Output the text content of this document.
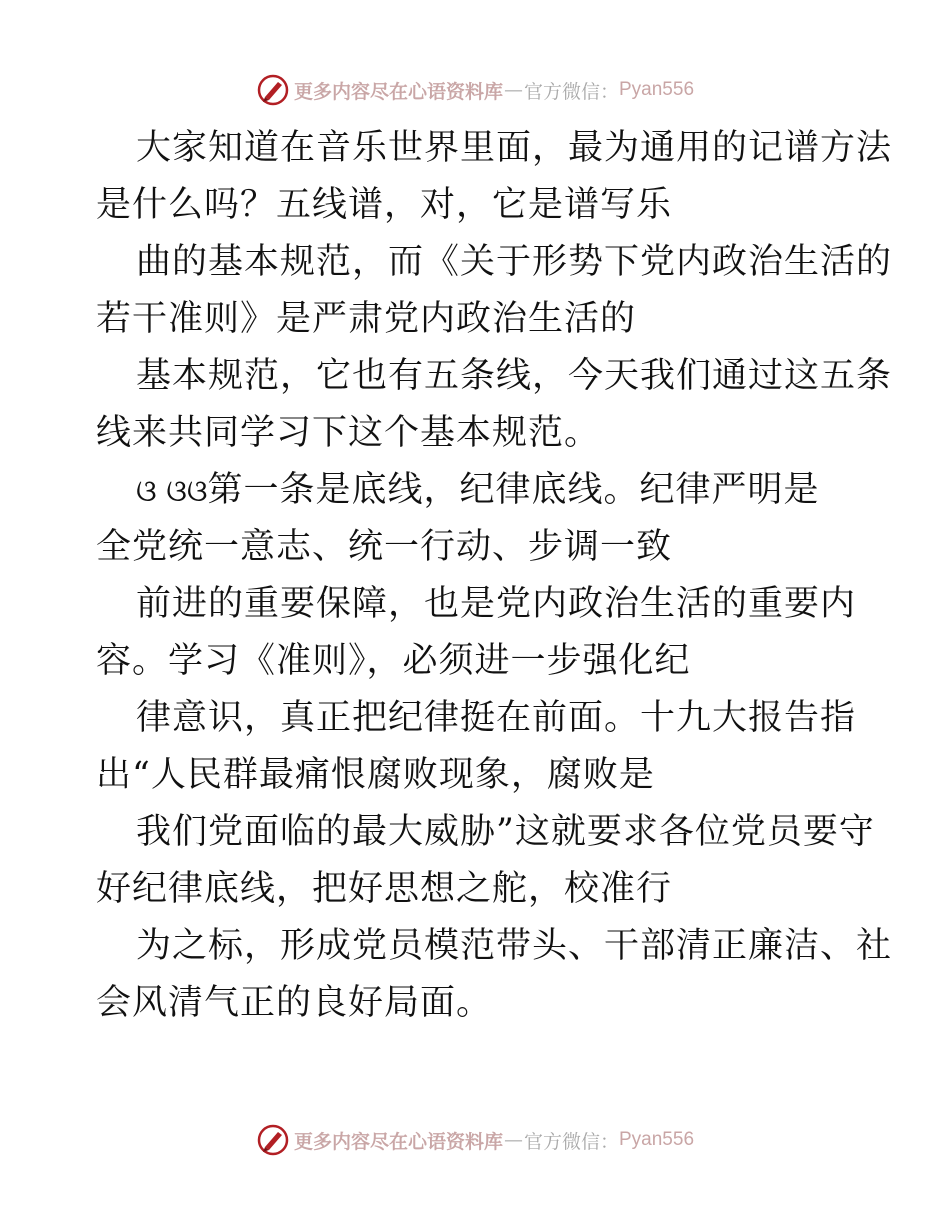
更多内容尽在心语资料库 — 官方微信： Pyan556
大家知道在音乐世界里面，最为通用的记谱方法
是什么吗？五线谱，对，它是谱写乐
曲的基本规范，而《关于形势下党内政治生活的
若干准则》是严肃党内政治生活的
基本规范，它也有五条线，今天我们通过这五条
线来共同学习下这个基本规范。
ଓ ଓଓ第一条是底线，纪律底线。纪律严明是
全党统一意志、统一行动、步调一致
前进的重要保障，也是党内政治生活的重要内
容。学习《准则》，必须进一步强化纪
律意识，真正把纪律挺在前面。十九大报告指
出“人民群最痛恨腐败现象，腐败是
我们党面临的最大威胁”这就要求各位党员要守
好纪律底线，把好思想之舵，校准行
为之标，形成党员模范带头、干部清正廉洁、社
会风清气正的良好局面。
更多内容尽在心语资料库 — 官方微信： Pyan556
